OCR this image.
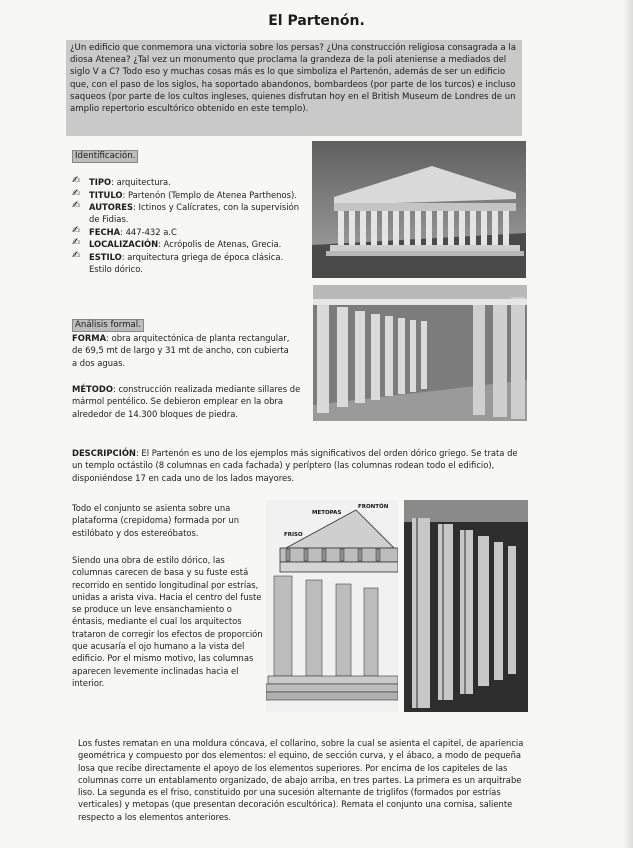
El Partenón.
¿Un edificio que conmemora una victoria sobre los persas? ¿Una construcción religiosa consagrada a la diosa Atenea? ¿Tal vez un monumento que proclama la grandeza de la poli ateniense a mediados del siglo V a C? Todo eso y muchas cosas más es lo que simboliza el Partenón, además de ser un edificio que, con el paso de los siglos, ha soportado abandonos, bombardeos (por parte de los turcos) e incluso saqueos (por parte de los cultos ingleses, quienes disfrutan hoy en el British Museum de Londres de un amplio repertorio escultórico obtenido en este templo).
Identificación.
✍ TIPO: arquitectura.
✍ TITULO: Partenón (Templo de Atenea Parthenos).
✍ AUTORES: Ictinos y Calícrates, con la supervisión de Fidias.
✍ FECHA: 447-432 a.C
✍ LOCALIZACIÓN: Acrópolis de Atenas, Grecia.
✍ ESTILO: arquitectura griega de época clásica. Estilo dórico.
Análisis formal.
FORMA: obra arquitectónica de planta rectangular, de 69,5 mt de largo y 31 mt de ancho, con cubierta a dos aguas.
MÉTODO: construcción realizada mediante sillares de mármol pentélico. Se debieron emplear en la obra alrededor de 14.300 bloques de piedra.
DESCRIPCIÓN: El Partenón es uno de los ejemplos más significativos del orden dórico griego. Se trata de un templo octástilo (8 columnas en cada fachada) y períptero (las columnas rodean todo el edificio), disponiéndose 17 en cada uno de los lados mayores.
Todo el conjunto se asienta sobre una plataforma (crepidoma) formada por un estilóbato y dos estereóbatos.
Siendo una obra de estilo dórico, las columnas carecen de basa y su fuste está recorrido en sentido longitudinal por estrías, unidas a arista viva. Hacia el centro del fuste se produce un leve ensanchamiento o éntasis, mediante el cual los arquitectos trataron de corregir los efectos de proporción que acusaría el ojo humano a la vista del edificio. Por el mismo motivo, las columnas aparecen levemente inclinadas hacia el interior.
FRISO
METOPAS
FRONTÓN
Los fustes rematan en una moldura cóncava, el collarino, sobre la cual se asienta el capitel, de apariencia geométrica y compuesto por dos elementos: el equino, de sección curva, y el ábaco, a modo de pequeña losa que recibe directamente el apoyo de los elementos superiores. Por encima de los capiteles de las columnas corre un entablamento organizado, de abajo arriba, en tres partes. La primera es un arquitrabe liso. La segunda es el friso, constituido por una sucesión alternante de triglifos (formados por estrías verticales) y metopas (que presentan decoración escultórica). Remata el conjunto una cornisa, saliente respecto a los elementos anteriores.
